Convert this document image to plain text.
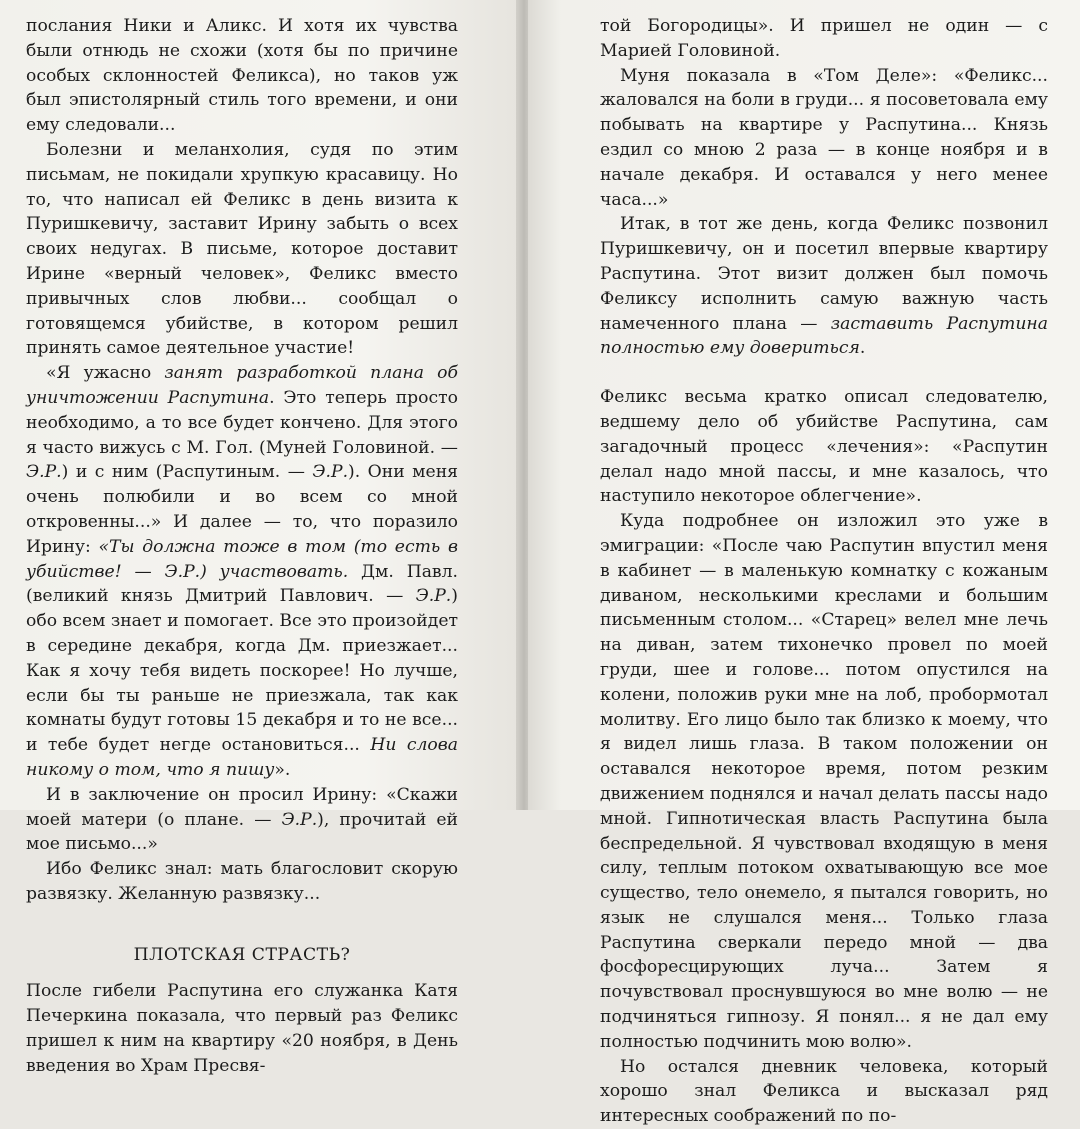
послания Ники и Аликс. И хотя их чувства были отнюдь не схожи (хотя бы по причине особых склонностей Феликса), но таков уж был эпистолярный стиль того времени, и они ему следовали...

Болезни и меланхолия, судя по этим письмам, не покидали хрупкую красавицу. Но то, что написал ей Феликс в день визита к Пуришкевичу, заставит Ирину забыть о всех своих недугах. В письме, которое доставит Ирине «верный человек», Феликс вместо привычных слов любви... сообщал о готовящемся убийстве, в котором решил принять самое деятельное участие!

«Я ужасно занят разработкой плана об уничтожении Распутина. Это теперь просто необходимо, а то все будет кончено. Для этого я часто вижусь с М. Гол. (Муней Головиной. — Э.Р.) и с ним (Распутиным. — Э.Р.). Они меня очень полюбили и во всем со мной откровенны...» И далее — то, что поразило Ирину: «Ты должна тоже в том (то есть в убийстве! — Э.Р.) участвовать. Дм. Павл. (великий князь Дмитрий Павлович. — Э.Р.) обо всем знает и помогает. Все это произойдет в середине декабря, когда Дм. приезжает... Как я хочу тебя видеть поскорее! Но лучше, если бы ты раньше не приезжала, так как комнаты будут готовы 15 декабря и то не все... и тебе будет негде остановиться... Ни слова никому о том, что я пишу».

И в заключение он просил Ирину: «Скажи моей матери (о плане. — Э.Р.), прочитай ей мое письмо...»

Ибо Феликс знал: мать благословит скорую развязку. Желанную развязку...

ПЛОТСКАЯ СТРАСТЬ?

После гибели Распутина его служанка Катя Печеркина показала, что первый раз Феликс пришел к ним на квартиру «20 ноября, в День введения во Храм Пресвя-

той Богородицы». И пришел не один — с Марией Головиной.

Муня показала в «Том Деле»: «Феликс... жаловался на боли в груди... я посоветовала ему побывать на квартире у Распутина... Князь ездил со мною 2 раза — в конце ноября и в начале декабря. И оставался у него менее часа...»

Итак, в тот же день, когда Феликс позвонил Пуришкевичу, он и посетил впервые квартиру Распутина. Этот визит должен был помочь Феликсу исполнить самую важную часть намеченного плана — заставить Распутина полностью ему довериться.

Феликс весьма кратко описал следователю, ведшему дело об убийстве Распутина, сам загадочный процесс «лечения»: «Распутин делал надо мной пассы, и мне казалось, что наступило некоторое облегчение».

Куда подробнее он изложил это уже в эмиграции: «После чаю Распутин впустил меня в кабинет — в маленькую комнатку с кожаным диваном, несколькими креслами и большим письменным столом... «Старец» велел мне лечь на диван, затем тихонечко провел по моей груди, шее и голове... потом опустился на колени, положив руки мне на лоб, пробормотал молитву. Его лицо было так близко к моему, что я видел лишь глаза. В таком положении он оставался некоторое время, потом резким движением поднялся и начал делать пассы надо мной. Гипнотическая власть Распутина была беспредельной. Я чувствовал входящую в меня силу, теплым потоком охватывающую все мое существо, тело онемело, я пытался говорить, но язык не слушался меня... Только глаза Распутина сверкали передо мной — два фосфоресцирующих луча... Затем я почувствовал проснувшуюся во мне волю — не подчиняться гипнозу. Я понял... я не дал ему полностью подчинить мою волю».

Но остался дневник человека, который хорошо знал Феликса и высказал ряд интересных соображений по по-
